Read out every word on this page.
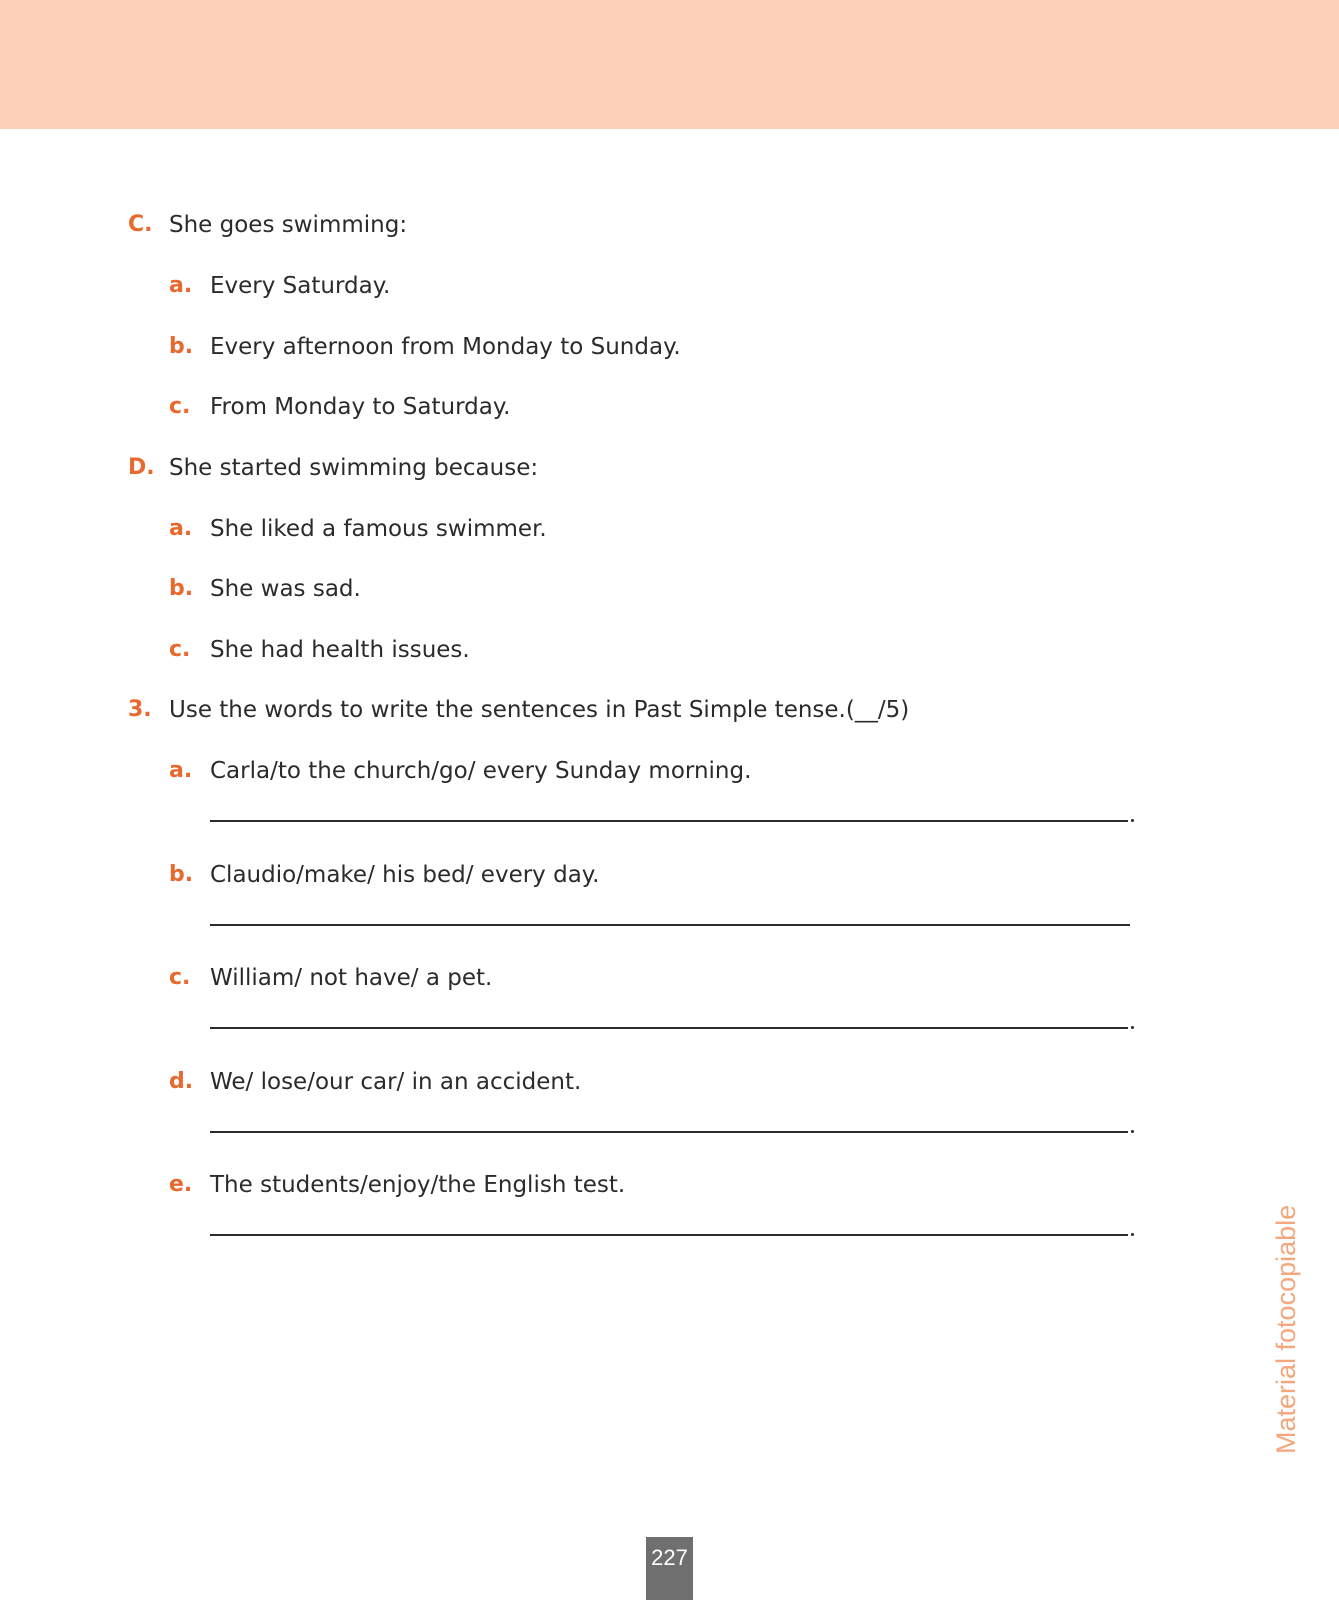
C. She goes swimming:
a. Every Saturday.
b. Every afternoon from Monday to Sunday.
c. From Monday to Saturday.
D. She started swimming because:
a. She liked a famous swimmer.
b. She was sad.
c. She had health issues.
3. Use the words to write the sentences in Past Simple tense.(__/5)
a. Carla/to the church/go/ every Sunday morning.
b. Claudio/make/ his bed/ every day.
c. William/ not have/ a pet.
d. We/ lose/our car/ in an accident.
e. The students/enjoy/the English test.
Material fotocopiable
227
